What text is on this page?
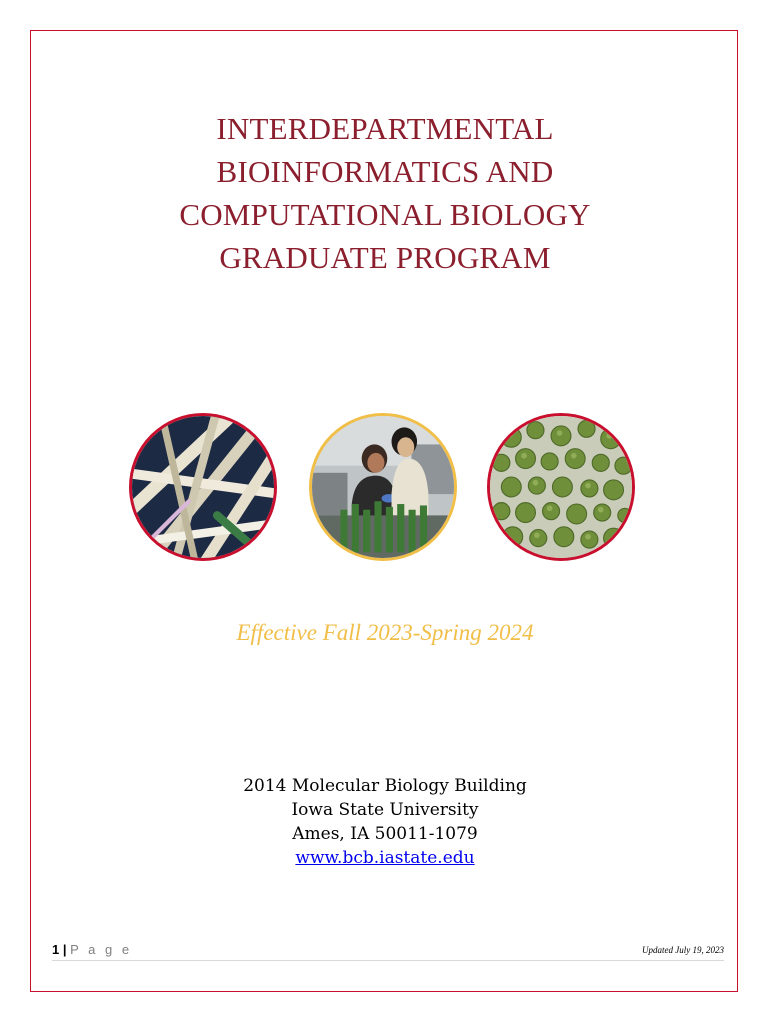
INTERDEPARTMENTAL
BIOINFORMATICS AND
COMPUTATIONAL BIOLOGY
GRADUATE PROGRAM
Effective Fall 2023-Spring 2024
2014 Molecular Biology Building
Iowa State University
Ames, IA 50011-1079
www.bcb.iastate.edu
1 | P a g e	Updated July 19, 2023
